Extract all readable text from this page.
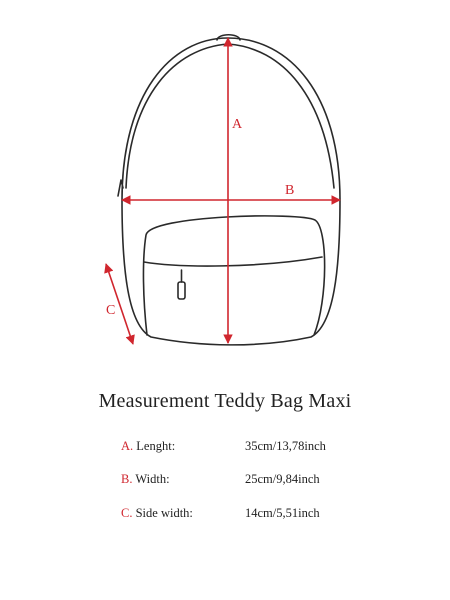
A
B
C
Measurement Teddy Bag Maxi
A. Lenght:	35cm/13,78inch
B. Width:	25cm/9,84inch
C. Side width:	14cm/5,51inch
